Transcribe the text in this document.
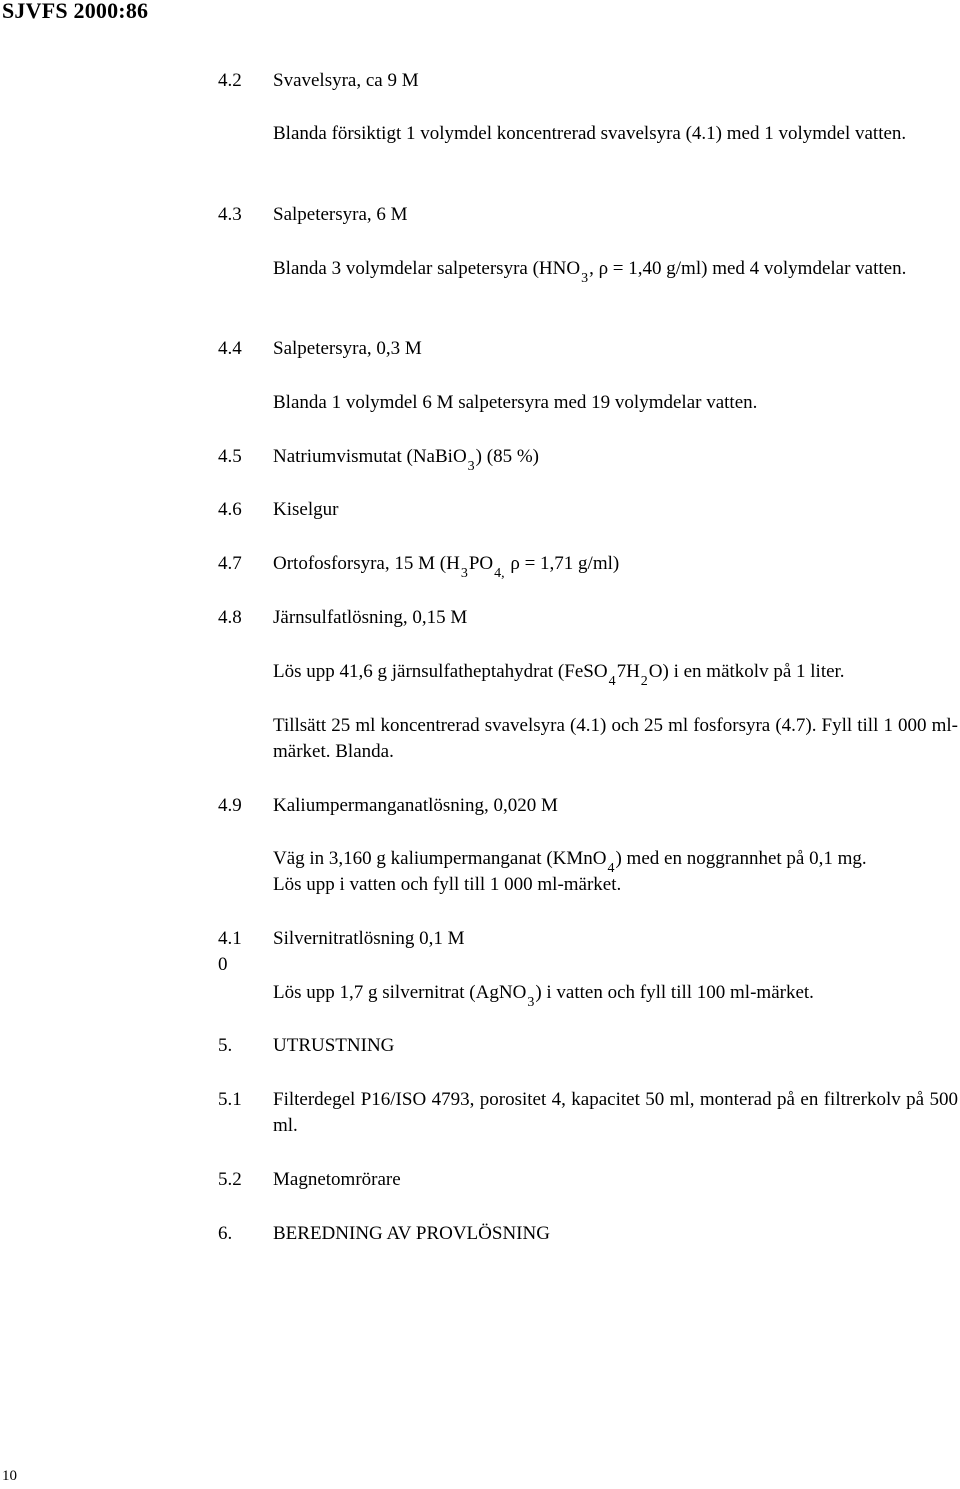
SJVFS 2000:86
4.2 Svavelsyra, ca 9 M
Blanda försiktigt 1 volymdel koncentrerad svavelsyra (4.1) med 1 volymdel vatten.
4.3 Salpetersyra, 6 M
Blanda 3 volymdelar salpetersyra ($HNO_3$, ρ = 1,40 g/ml) med 4 volymdelar vatten.
4.4 Salpetersyra, 0,3 M
Blanda 1 volymdel 6 M salpetersyra med 19 volymdelar vatten.
4.5 Natriumvismutat (NaBiO$_3$) (85 %)
4.6 Kiselgur
4.7 Ortofosforsyra, 15 M ($H_3PO_{4,}$ ρ = 1,71 g/ml)
4.8 Järnsulfatlösning, 0,15 M
Lös upp 41,6 g järnsulfatheptahydrat $(FeSO_47H_2O)$ i en mätkolv på 1 liter.
Tillsätt 25 ml koncentrerad svavelsyra (4.1) och 25 ml fosforsyra (4.7). Fyll till 1 000 ml-märket. Blanda.
4.9 Kaliumpermanganatlösning, 0,020 M
Väg in 3,160 g kaliumpermanganat (KMnO$_4$) med en noggrannhet på 0,1 mg.
Lös upp i vatten och fyll till 1 000 ml-märket.
4.1
0
Silvernitratlösning 0,1 M
Lös upp 1,7 g silvernitrat (AgNO$_3$) i vatten och fyll till 100 ml-märket.
5. UTRUSTNING
5.1 Filterdegel P16/ISO 4793, porositet 4, kapacitet 50 ml, monterad på en filtrerkolv på 500 ml.
5.2 Magnetomrörare
6. BEREDNING AV PROVLÖSNING
10
